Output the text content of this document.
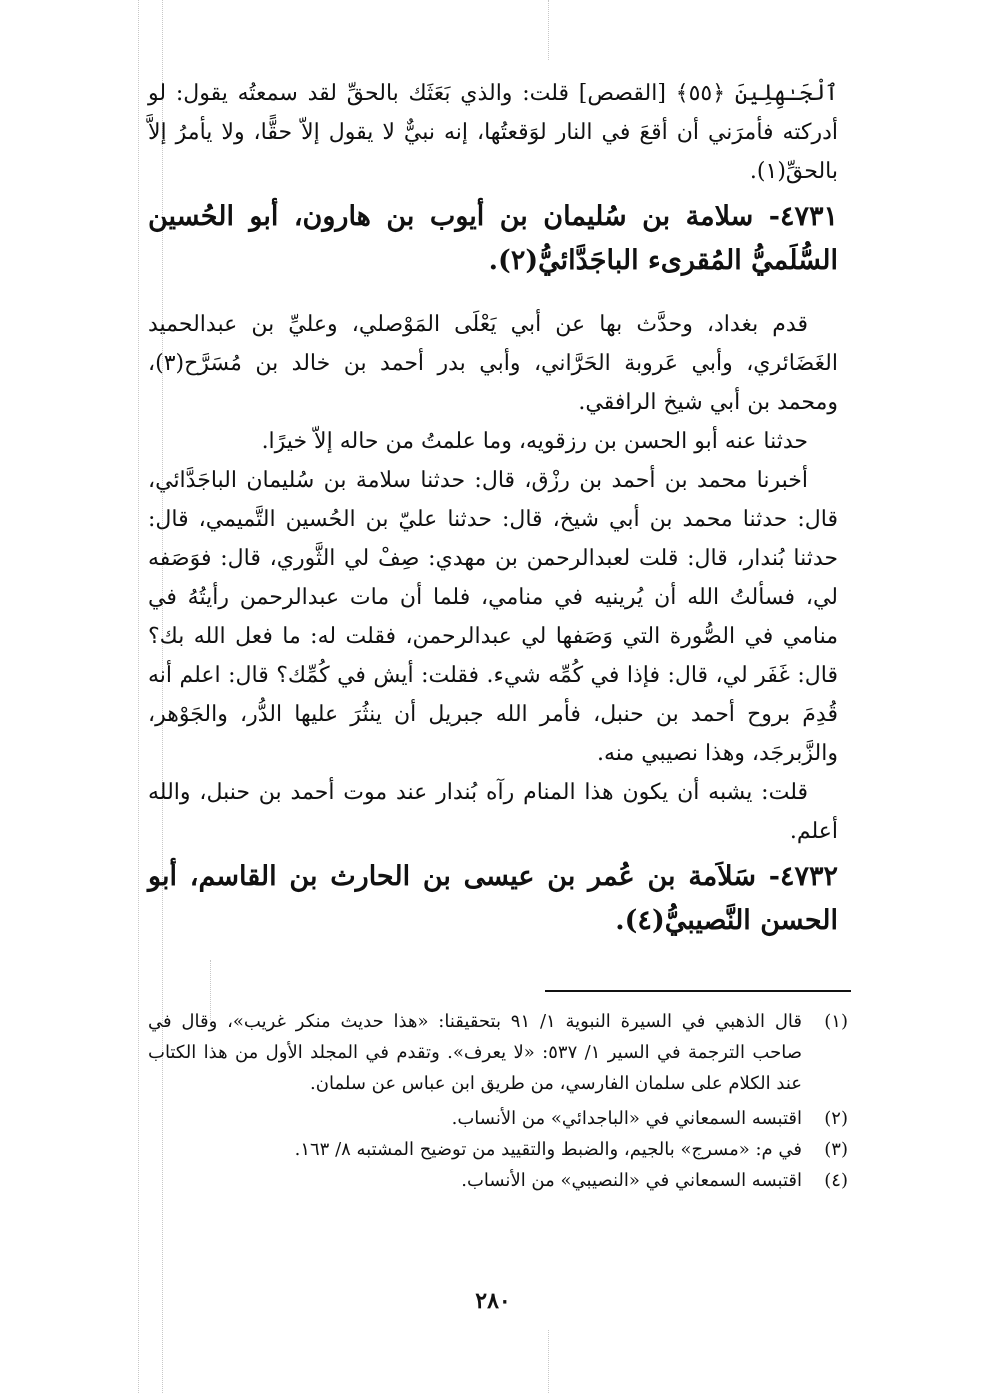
ٱلْجَـٰهِلِينَ ﴿٥٥﴾ [القصص] قلت: والذي بَعَثَك بالحقِّ لقد سمعتُه يقول: لو أدركته فأمرَني أن أقعَ في النار لوَقعتُها، إنه نبيٌّ لا يقول إلاّ حقًّا، ولا يأمرُ إلاَّ بالحقِّ(١).

٤٧٣١- سلامة بن سُليمان بن أيوب بن هارون، أبو الحُسين السُّلَميُّ المُقرىء الباجَدَّائيُّ(٢).

قدم بغداد، وحدَّث بها عن أبي يَعْلَى المَوْصلي، وعليِّ بن عبدالحميد الغَضَائري، وأبي عَروبة الحَرَّاني، وأبي بدر أحمد بن خالد بن مُسَرَّح(٣)، ومحمد بن أبي شيخ الرافقي.

حدثنا عنه أبو الحسن بن رزقويه، وما علمتُ من حاله إلاّ خيرًا.

أخبرنا محمد بن أحمد بن رزْق، قال: حدثنا سلامة بن سُليمان الباجَدَّائي، قال: حدثنا محمد بن أبي شيخ، قال: حدثنا عليّ بن الحُسين التَّميمي، قال: حدثنا بُندار، قال: قلت لعبدالرحمن بن مهدي: صِفْ لي الثَّوري، قال: فوَصَفه لي، فسألتُ الله أن يُرينيه في منامي، فلما أن مات عبدالرحمن رأيتُهُ في منامي في الصُّورة التي وَصَفها لي عبدالرحمن، فقلت له: ما فعل الله بك؟ قال: غَفَر لي، قال: فإذا في كُمِّه شيء. فقلت: أيش في كُمِّك؟ قال: اعلم أنه قُدِمَ بروح أحمد بن حنبل، فأمر الله جبريل أن ينثُرَ عليها الدُّر، والجَوْهر، والزَّبرجَد، وهذا نصيبي منه.

قلت: يشبه أن يكون هذا المنام رآه بُندار عند موت أحمد بن حنبل، والله أعلم.

٤٧٣٢- سَلاَمة بن عُمر بن عيسى بن الحارث بن القاسم، أبو الحسن النَّصيبيُّ(٤).

(١)
قال الذهبي في السيرة النبوية ١/ ٩١ بتحقيقنا: «هذا حديث منكر غريب»، وقال في صاحب الترجمة في السير ١/ ٥٣٧: «لا يعرف». وتقدم في المجلد الأول من هذا الكتاب عند الكلام على سلمان الفارسي، من طريق ابن عباس عن سلمان.
(٢)
اقتبسه السمعاني في «الباجدائي» من الأنساب.
(٣)
في م: «مسرج» بالجيم، والضبط والتقييد من توضيح المشتبه ٨/ ١٦٣.
(٤)
اقتبسه السمعاني في «النصيبي» من الأنساب.
٢٨٠
